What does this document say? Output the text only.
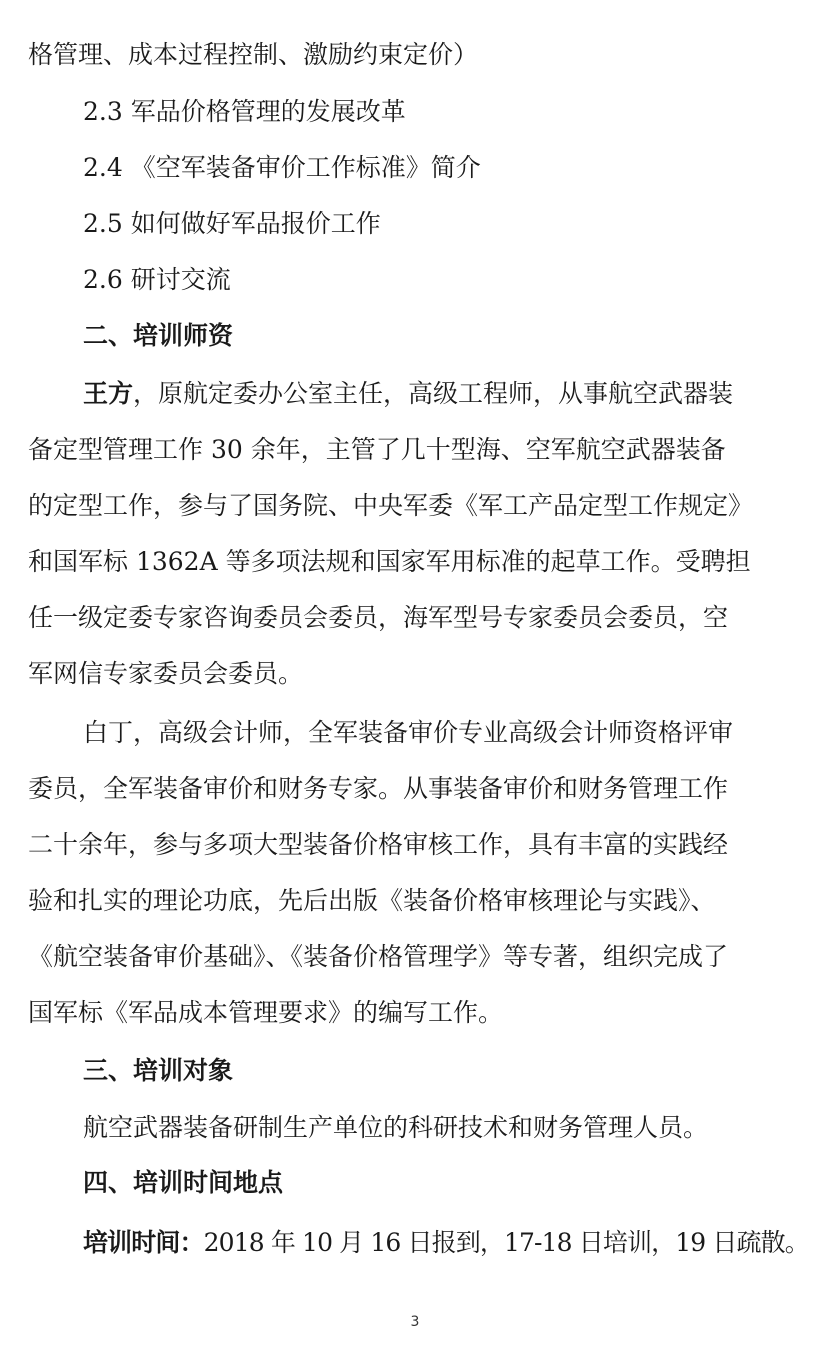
格管理、成本过程控制、激励约束定价）
2.3 军品价格管理的发展改革
2.4 《空军装备审价工作标准》简介
2.5 如何做好军品报价工作
2.6 研讨交流
二、培训师资
王方，原航定委办公室主任，高级工程师，从事航空武器装
备定型管理工作 30 余年，主管了几十型海、空军航空武器装备
的定型工作，参与了国务院、中央军委《军工产品定型工作规定》
和国军标 1362A 等多项法规和国家军用标准的起草工作。受聘担
任一级定委专家咨询委员会委员，海军型号专家委员会委员，空
军网信专家委员会委员。
白丁，高级会计师，全军装备审价专业高级会计师资格评审
委员，全军装备审价和财务专家。从事装备审价和财务管理工作
二十余年，参与多项大型装备价格审核工作，具有丰富的实践经
验和扎实的理论功底，先后出版《装备价格审核理论与实践》、
《航空装备审价基础》、《装备价格管理学》等专著，组织完成了
国军标《军品成本管理要求》的编写工作。
三、培训对象
航空武器装备研制生产单位的科研技术和财务管理人员。
四、培训时间地点
培训时间：2018 年 10 月 16 日报到，17-18 日培训，19 日疏散。
3
